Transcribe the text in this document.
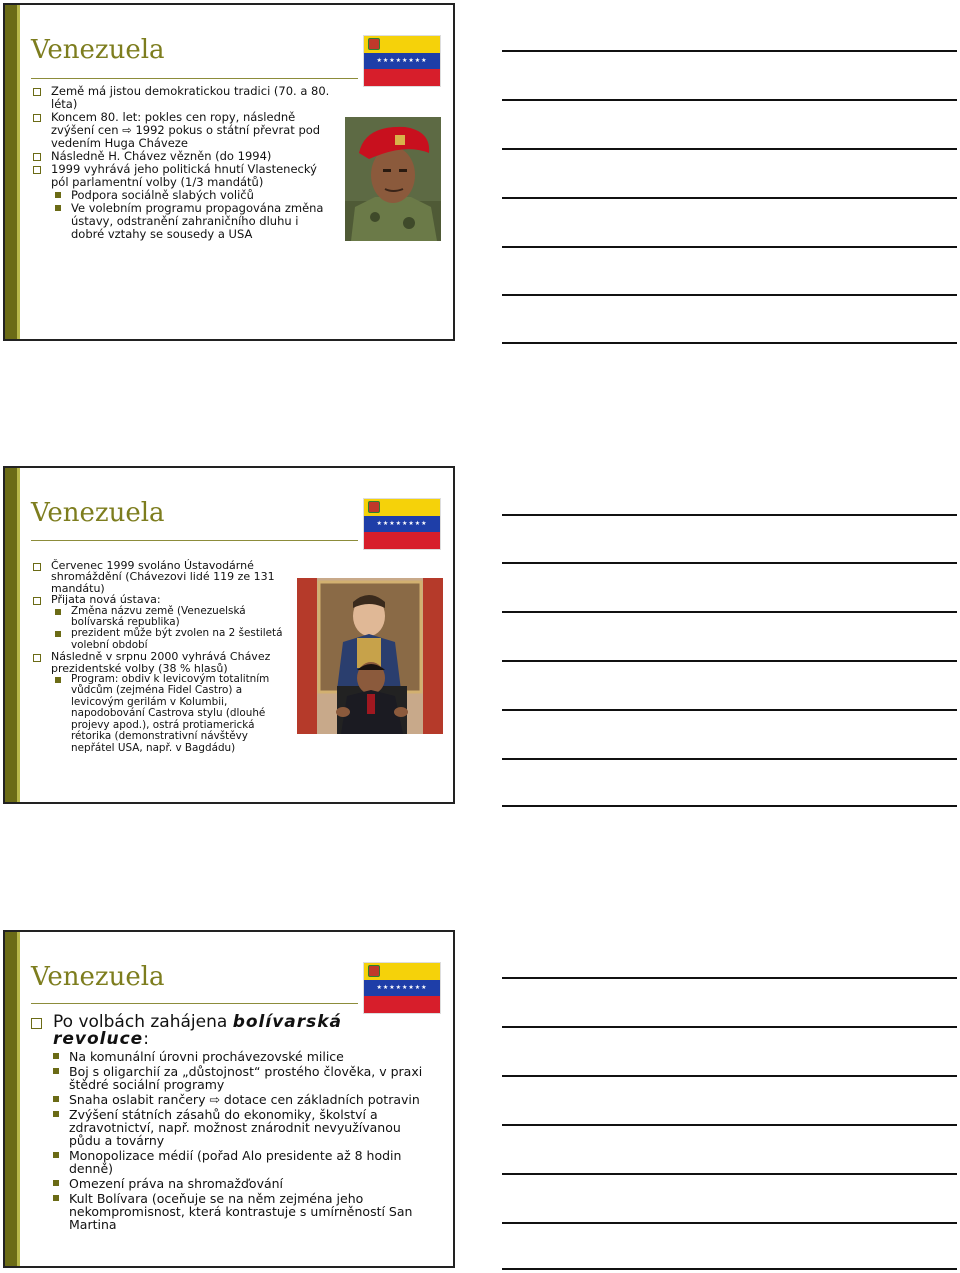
Venezuela	★★★★★★★★
Země má jistou demokratickou tradici (70. a 80. léta)
Koncem 80. let: pokles cen ropy, následně zvýšení cen ⇨ 1992 pokus o státní převrat pod vedením Huga Cháveze
Následně H. Chávez vězněn (do 1994)
1999 vyhrává jeho politická hnutí Vlastenecký pól parlamentní volby (1/3 mandátů)
Podpora sociálně slabých voličů
Ve volebním programu propagována změna ústavy, odstranění zahraničního dluhu i dobré vztahy se sousedy a USA
Venezuela	★★★★★★★★
Červenec 1999 svoláno Ústavodárné shromáždění (Chávezovi lidé 119 ze 131 mandátu)
Přijata nová ústava:
Změna názvu země (Venezuelská bolívarská republika)
prezident může být zvolen na 2 šestiletá volební období
Následně v srpnu 2000 vyhrává Chávez prezidentské volby (38 % hlasů)
Program: obdiv k levicovým totalitním vůdcům (zejména Fidel Castro) a levicovým gerilám v Kolumbii, napodobování Castrova stylu (dlouhé projevy apod.), ostrá protiamerická rétorika (demonstrativní návštěvy nepřátel USA, např. v Bagdádu)
Venezuela	★★★★★★★★
Po volbách zahájena bolívarská revoluce:
Na komunální úrovni prochávezovské milice
Boj s oligarchií za „důstojnost“ prostého člověka, v praxi štědré sociální programy
Snaha oslabit rančery ⇨ dotace cen základních potravin
Zvýšení státních zásahů do ekonomiky, školství a zdravotnictví, např. možnost znárodnit nevyužívanou půdu a továrny
Monopolizace médií (pořad Alo presidente až 8 hodin denně)
Omezení práva na shromažďování
Kult Bolívara (oceňuje se na něm zejména jeho nekompromisnost, která kontrastuje s umírněností San Martina
